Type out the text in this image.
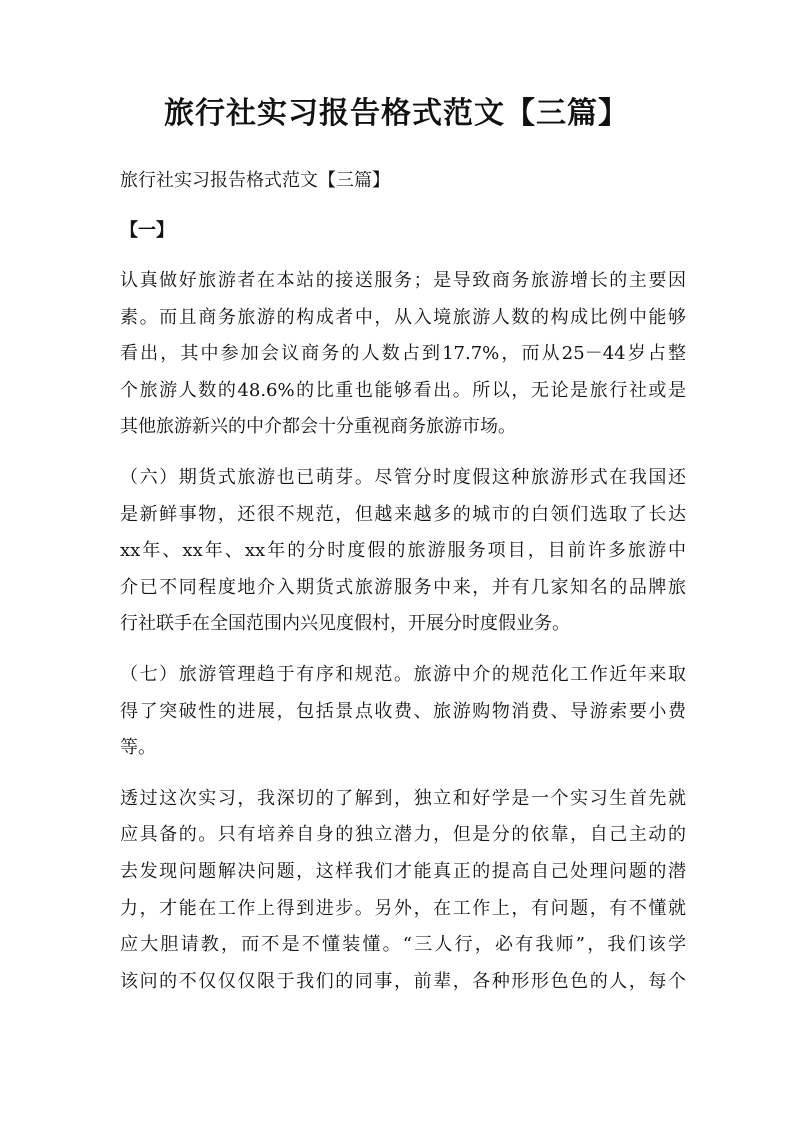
旅行社实习报告格式范文【三篇】
旅行社实习报告格式范文【三篇】
【一】
认真做好旅游者在本站的接送服务；是导致商务旅游增长的主要因
素。而且商务旅游的构成者中，从入境旅游人数的构成比例中能够
看出，其中参加会议商务的人数占到17.7%，而从25－44岁占整
个旅游人数的48.6%的比重也能够看出。所以，无论是旅行社或是
其他旅游新兴的中介都会十分重视商务旅游市场。
（六）期货式旅游也已萌芽。尽管分时度假这种旅游形式在我国还
是新鲜事物，还很不规范，但越来越多的城市的白领们选取了长达
xx年、xx年、xx年的分时度假的旅游服务项目，目前许多旅游中
介已不同程度地介入期货式旅游服务中来，并有几家知名的品牌旅
行社联手在全国范围内兴见度假村，开展分时度假业务。
（七）旅游管理趋于有序和规范。旅游中介的规范化工作近年来取
得了突破性的进展，包括景点收费、旅游购物消费、导游索要小费
等。
透过这次实习，我深切的了解到，独立和好学是一个实习生首先就
应具备的。只有培养自身的独立潜力，但是分的依靠，自己主动的
去发现问题解决问题，这样我们才能真正的提高自己处理问题的潜
力，才能在工作上得到进步。另外，在工作上，有问题，有不懂就
应大胆请教，而不是不懂装懂。“三人行，必有我师”，我们该学
该问的不仅仅仅限于我们的同事，前辈，各种形形色色的人，每个
